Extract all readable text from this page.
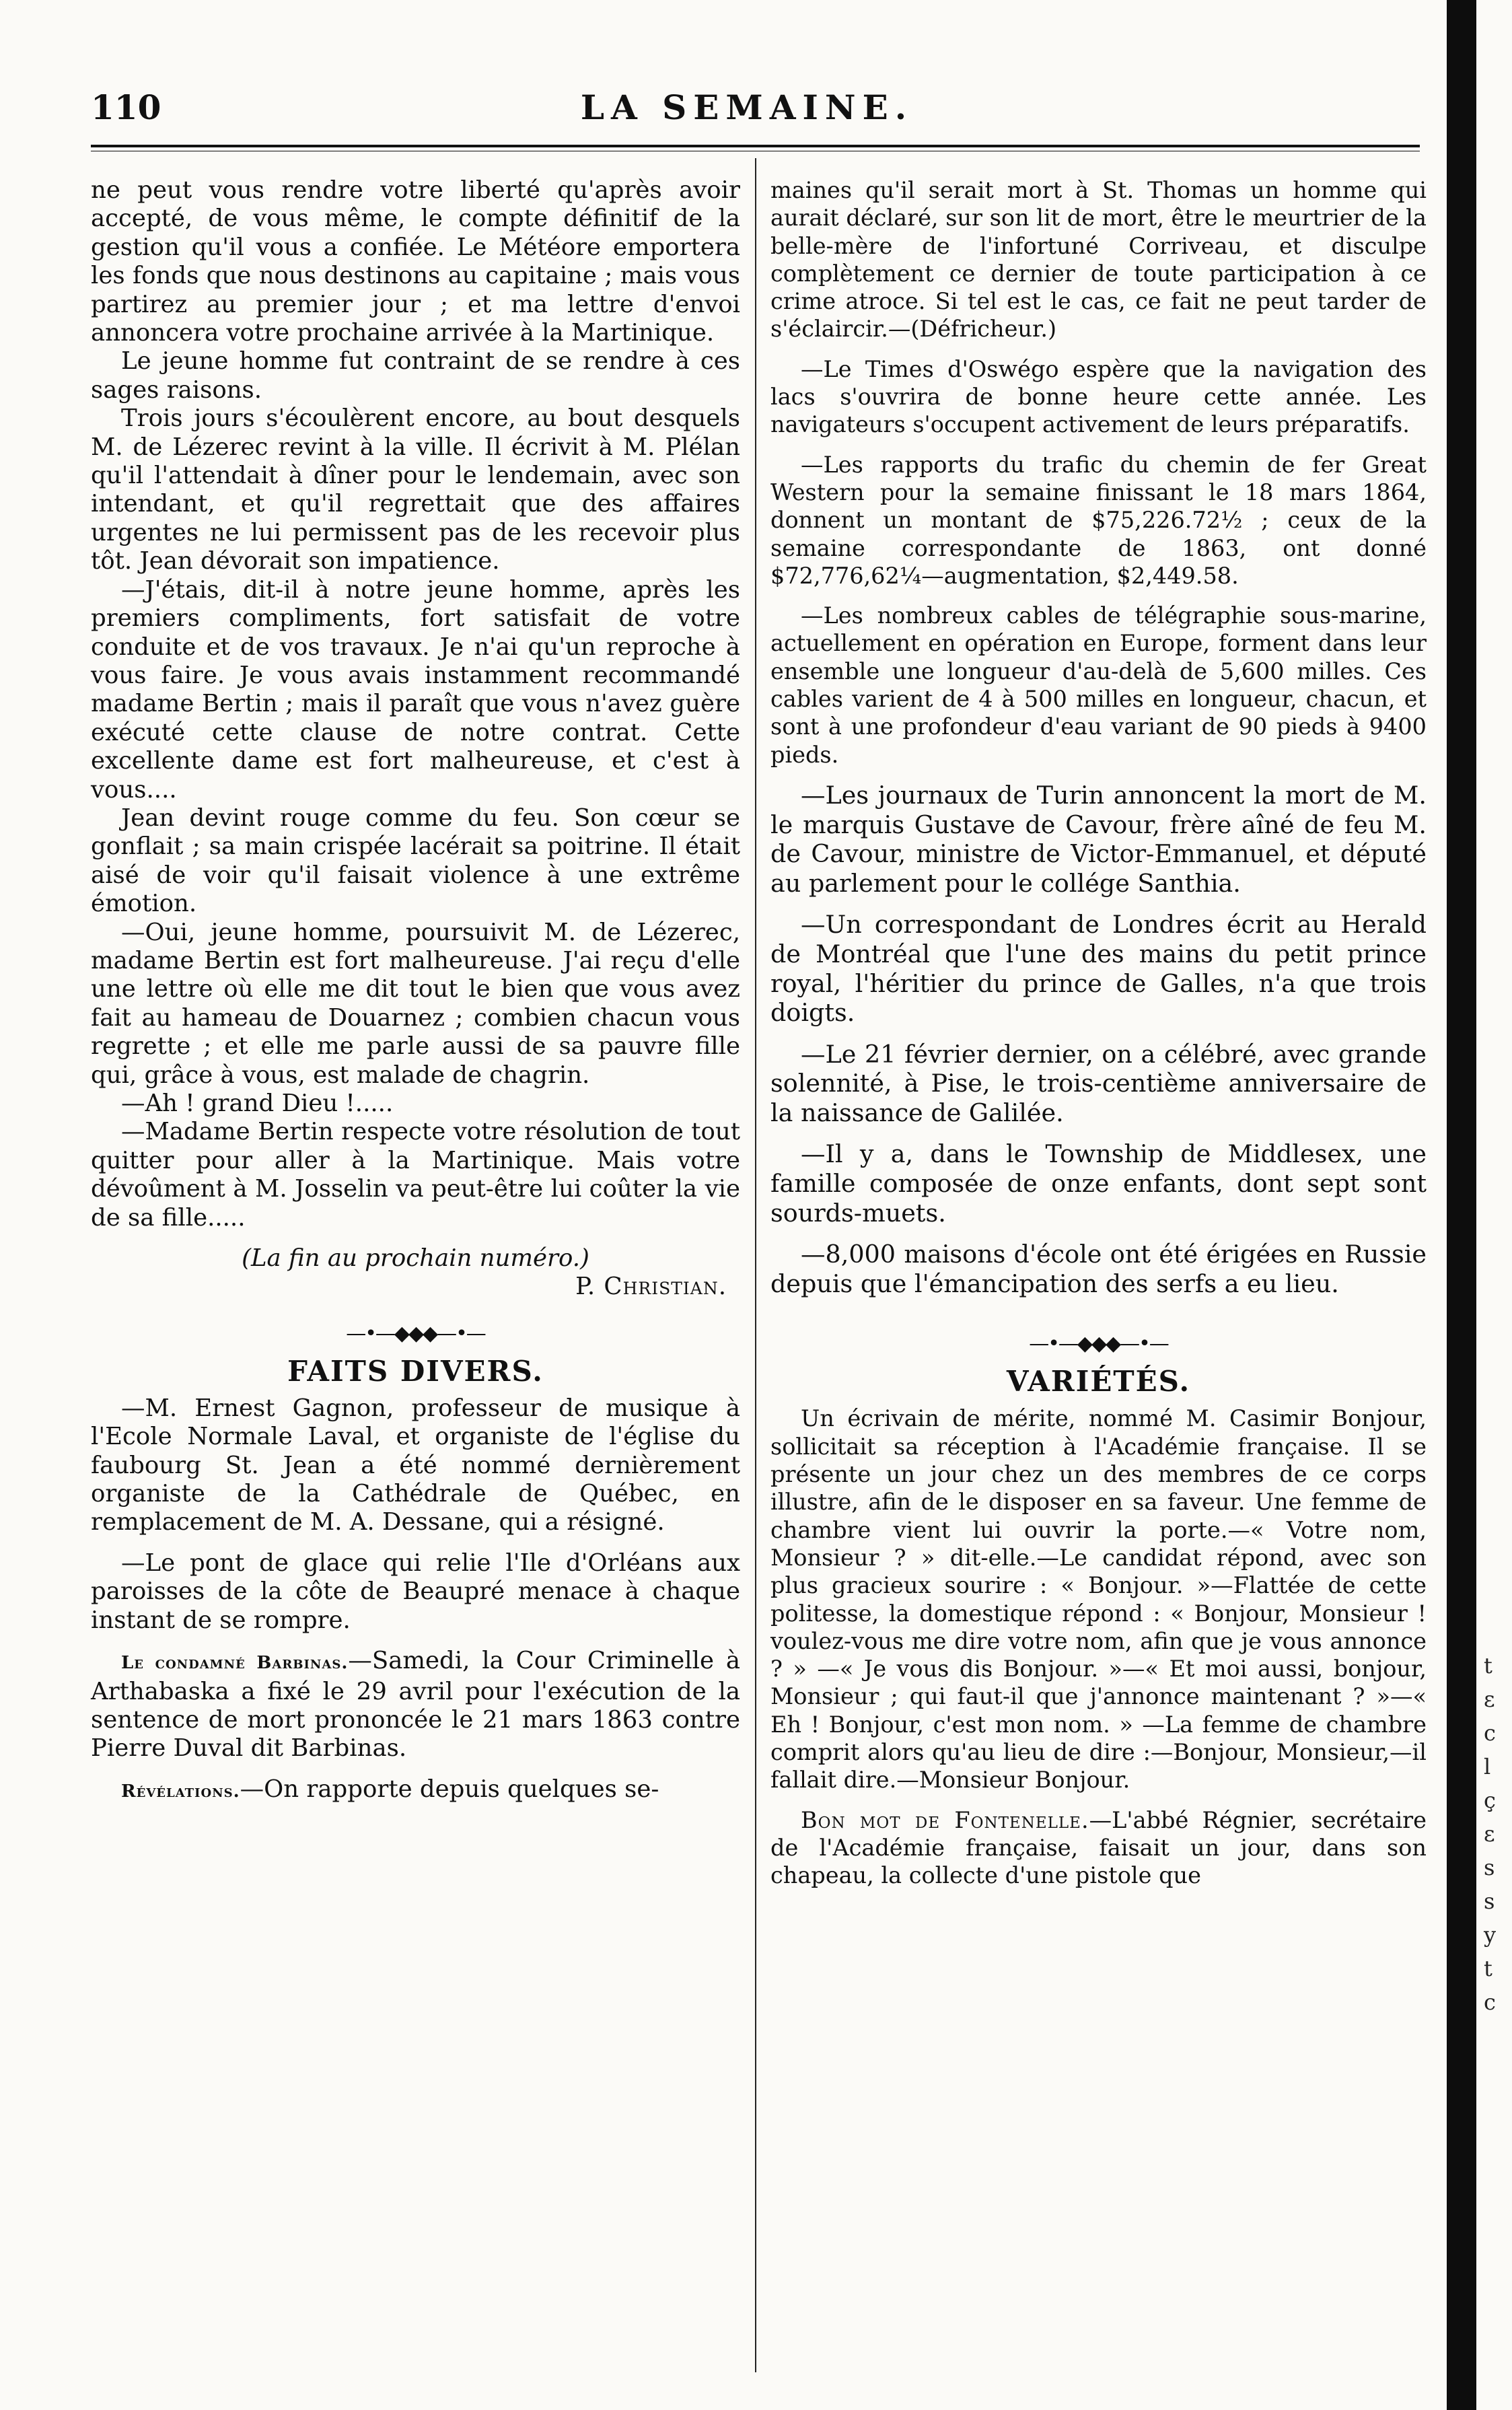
110	LA SEMAINE.

ne peut vous rendre votre liberté qu'après avoir accepté, de vous même, le compte définitif de la gestion qu'il vous a confiée. Le Météore emportera les fonds que nous destinons au capitaine ; mais vous partirez au premier jour ; et ma lettre d'envoi annoncera votre prochaine arrivée à la Martinique.

Le jeune homme fut contraint de se rendre à ces sages raisons.

Trois jours s'écoulèrent encore, au bout desquels M. de Lézerec revint à la ville. Il écrivit à M. Plélan qu'il l'attendait à dîner pour le lendemain, avec son intendant, et qu'il regrettait que des affaires urgentes ne lui permissent pas de les recevoir plus tôt. Jean dévorait son impatience.

—J'étais, dit-il à notre jeune homme, après les premiers compliments, fort satisfait de votre conduite et de vos travaux. Je n'ai qu'un reproche à vous faire. Je vous avais instamment recommandé madame Bertin ; mais il paraît que vous n'avez guère exécuté cette clause de notre contrat. Cette excellente dame est fort malheureuse, et c'est à vous....

Jean devint rouge comme du feu. Son cœur se gonflait ; sa main crispée lacérait sa poitrine. Il était aisé de voir qu'il faisait violence à une extrême émotion.

—Oui, jeune homme, poursuivit M. de Lézerec, madame Bertin est fort malheureuse. J'ai reçu d'elle une lettre où elle me dit tout le bien que vous avez fait au hameau de Douarnez ; combien chacun vous regrette ; et elle me parle aussi de sa pauvre fille qui, grâce à vous, est malade de chagrin.

—Ah ! grand Dieu !.....

—Madame Bertin respecte votre résolution de tout quitter pour aller à la Martinique. Mais votre dévoûment à M. Josselin va peut-être lui coûter la vie de sa fille.....

(La fin au prochain numéro.)

P. Christian.

—•—◆◆◆—•—
FAITS DIVERS.

—M. Ernest Gagnon, professeur de musique à l'Ecole Normale Laval, et organiste de l'église du faubourg St. Jean a été nommé dernièrement organiste de la Cathédrale de Québec, en remplacement de M. A. Dessane, qui a résigné.

—Le pont de glace qui relie l'Ile d'Orléans aux paroisses de la côte de Beaupré menace à chaque instant de se rompre.

Le condamné Barbinas.—Samedi, la Cour Criminelle à Arthabaska a fixé le 29 avril pour l'exécution de la sentence de mort prononcée le 21 mars 1863 contre Pierre Duval dit Barbinas.

Révélations.—On rapporte depuis quelques se-

maines qu'il serait mort à St. Thomas un homme qui aurait déclaré, sur son lit de mort, être le meurtrier de la belle-mère de l'infortuné Corriveau, et disculpe complètement ce dernier de toute participation à ce crime atroce. Si tel est le cas, ce fait ne peut tarder de s'éclaircir.—(Défricheur.)

—Le Times d'Oswégo espère que la navigation des lacs s'ouvrira de bonne heure cette année. Les navigateurs s'occupent activement de leurs préparatifs.

—Les rapports du trafic du chemin de fer Great Western pour la semaine finissant le 18 mars 1864, donnent un montant de $75,226.72½ ; ceux de la semaine correspondante de 1863, ont donné $72,776,62¼—augmentation, $2,449.58.

—Les nombreux cables de télégraphie sous-marine, actuellement en opération en Europe, forment dans leur ensemble une longueur d'au-delà de 5,600 milles. Ces cables varient de 4 à 500 milles en longueur, chacun, et sont à une profondeur d'eau variant de 90 pieds à 9400 pieds.

—Les journaux de Turin annoncent la mort de M. le marquis Gustave de Cavour, frère aîné de feu M. de Cavour, ministre de Victor-Emmanuel, et député au parlement pour le collége Santhia.

—Un correspondant de Londres écrit au Herald de Montréal que l'une des mains du petit prince royal, l'héritier du prince de Galles, n'a que trois doigts.

—Le 21 février dernier, on a célébré, avec grande solennité, à Pise, le trois-centième anniversaire de la naissance de Galilée.

—Il y a, dans le Township de Middlesex, une famille composée de onze enfants, dont sept sont sourds-muets.

—8,000 maisons d'école ont été érigées en Russie depuis que l'émancipation des serfs a eu lieu.

—•—◆◆◆—•—
VARIÉTÉS.

Un écrivain de mérite, nommé M. Casimir Bonjour, sollicitait sa réception à l'Académie française. Il se présente un jour chez un des membres de ce corps illustre, afin de le disposer en sa faveur. Une femme de chambre vient lui ouvrir la porte.—« Votre nom, Monsieur ? » dit-elle.—Le candidat répond, avec son plus gracieux sourire : « Bonjour. »—Flattée de cette politesse, la domestique répond : « Bonjour, Monsieur ! voulez-vous me dire votre nom, afin que je vous annonce ? » —« Je vous dis Bonjour. »—« Et moi aussi, bonjour, Monsieur ; qui faut-il que j'annonce maintenant ? »—« Eh ! Bonjour, c'est mon nom. » —La femme de chambre comprit alors qu'au lieu de dire :—Bonjour, Monsieur,—il fallait dire.—Monsieur Bonjour.

Bon mot de Fontenelle.—L'abbé Régnier, secrétaire de l'Académie française, faisait un jour, dans son chapeau, la collecte d'une pistole que

t
ε
c
l
ç
ε
s
s
y
t
c
